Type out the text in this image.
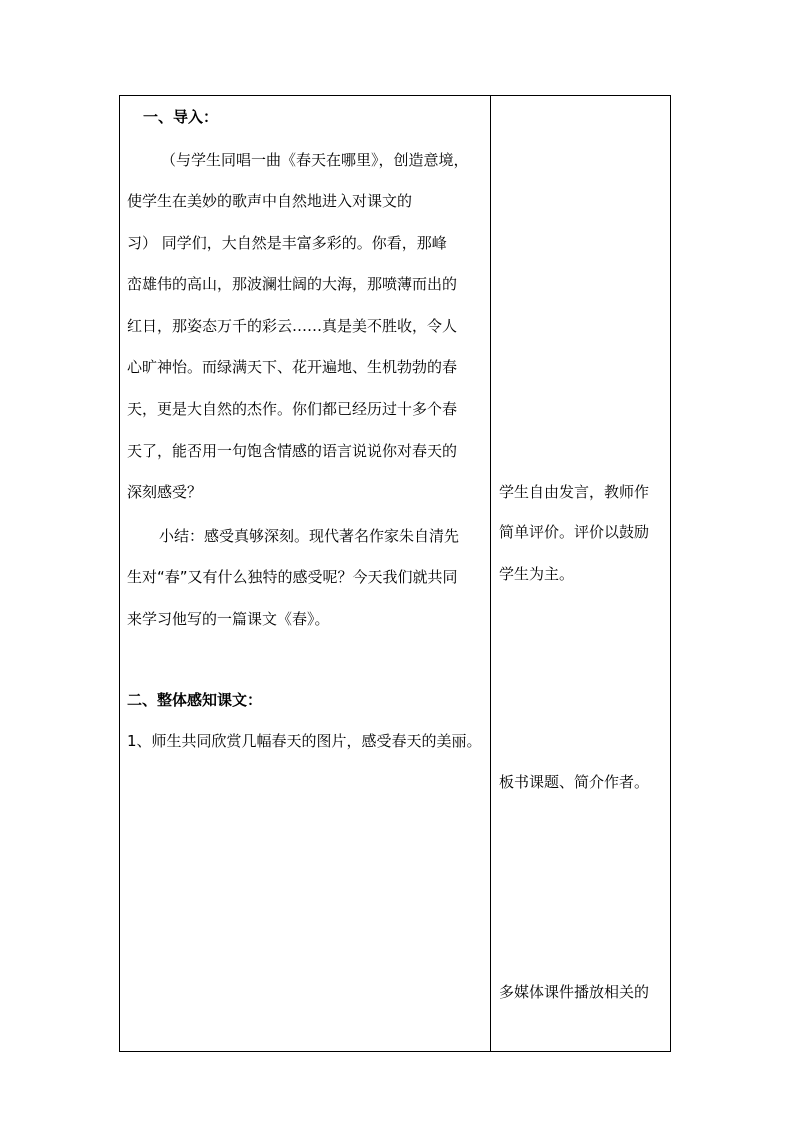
一、导入：
（与学生同唱一曲《春天在哪里》，创造意境，
使学生在美妙的歌声中自然地进入对课文的
习） 同学们，大自然是丰富多彩的。你看，那峰
峦雄伟的高山，那波澜壮阔的大海，那喷薄而出的
红日，那姿态万千的彩云……真是美不胜收，令人
心旷神怡。而绿满天下、花开遍地、生机勃勃的春
天，更是大自然的杰作。你们都已经历过十多个春
天了，能否用一句饱含情感的语言说说你对春天的
深刻感受？
小结：感受真够深刻。现代著名作家朱自清先
生对“春”又有什么独特的感受呢？今天我们就共同
来学习他写的一篇课文《春》。
二、整体感知课文：
1、师生共同欣赏几幅春天的图片，感受春天的美丽。
学生自由发言，教师作
简单评价。评价以鼓励
学生为主。
板书课题、简介作者。
多媒体课件播放相关的
